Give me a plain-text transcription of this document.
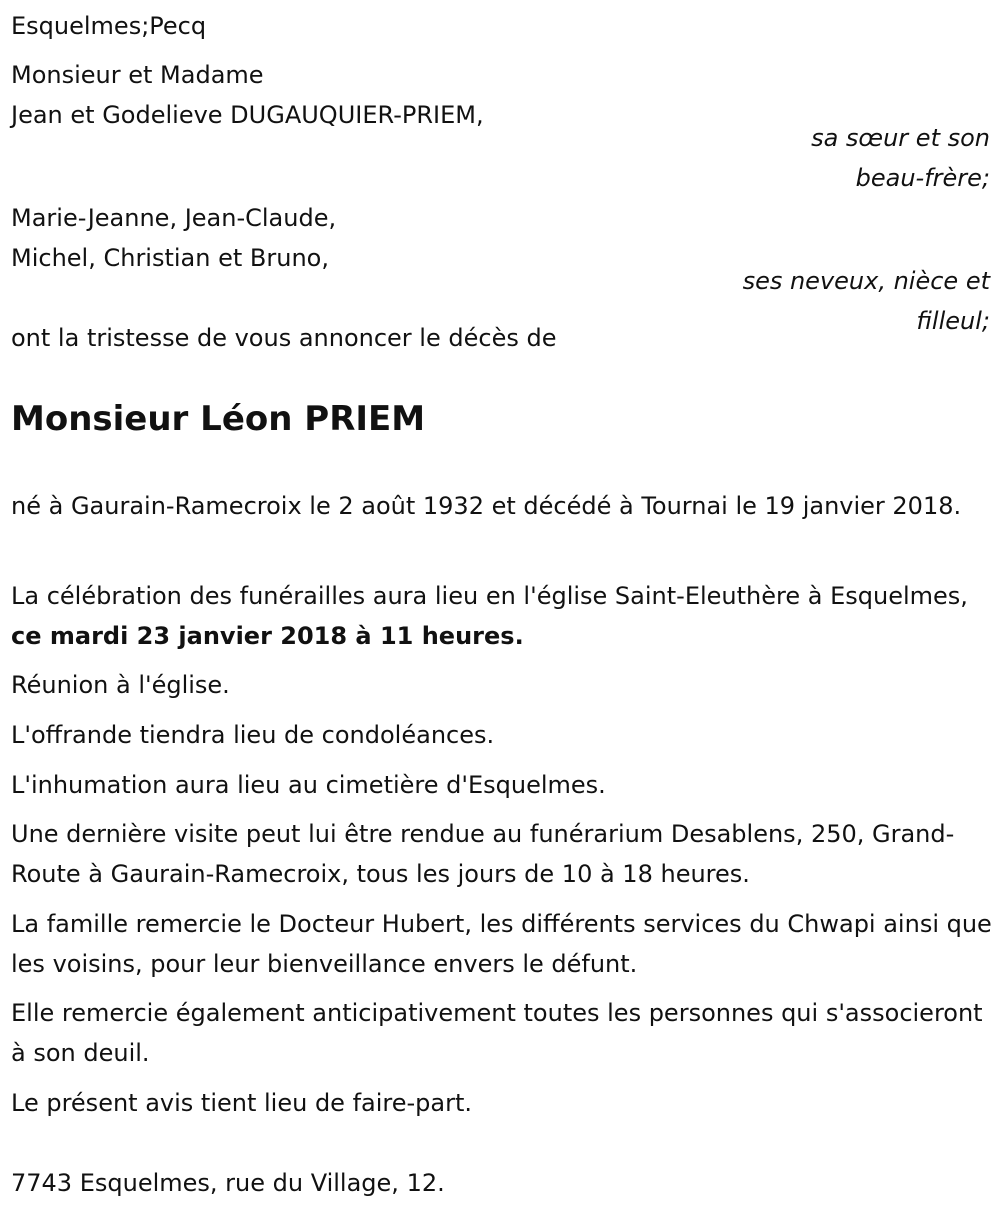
Esquelmes;Pecq
Monsieur et Madame
Jean et Godelieve DUGAUQUIER-PRIEM,
sa sœur et son
beau-frère;
Marie-Jeanne, Jean-Claude,
Michel, Christian et Bruno,
ses neveux, nièce et
filleul;
ont la tristesse de vous annoncer le décès de
Monsieur Léon PRIEM
né à Gaurain-Ramecroix le 2 août 1932 et décédé à Tournai le 19 janvier 2018.
La célébration des funérailles aura lieu en l'église Saint-Eleuthère à Esquelmes, ce mardi 23 janvier 2018 à 11 heures.
Réunion à l'église.
L'offrande tiendra lieu de condoléances.
L'inhumation aura lieu au cimetière d'Esquelmes.
Une dernière visite peut lui être rendue au funérarium Desablens, 250, Grand-Route à Gaurain-Ramecroix, tous les jours de 10 à 18 heures.
La famille remercie le Docteur Hubert, les différents services du Chwapi ainsi que les voisins, pour leur bienveillance envers le défunt.
Elle remercie également anticipativement toutes les personnes qui s'associeront à son deuil.
Le présent avis tient lieu de faire-part.
7743 Esquelmes, rue du Village, 12.
